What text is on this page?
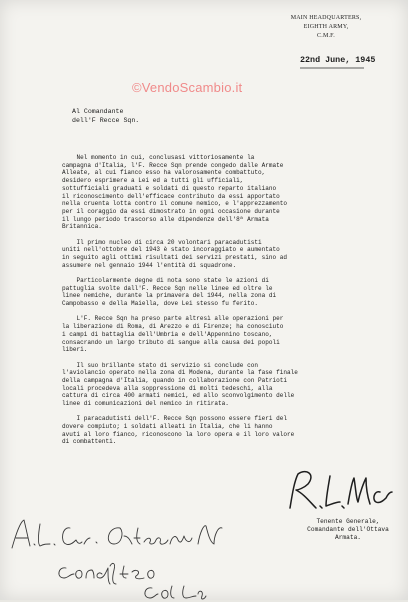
MAIN HEADQUARTERS,
EIGHTH ARMY,
C.M.F.
22nd June, 1945
©VendoScambio.it
Al Comandante
dell'F Recce Sqn.

Nel momento in cui, conclusasi vittoriosamente la
campagna d'Italia, l'F. Recce Sqn prende congedo dalle Armate
Alleate, al cui fianco esso ha valorosamente combattuto,
desidero esprimere a Lei ed a tutti gli ufficiali,
sottufficiali graduati e soldati di questo reparto italiano
il riconoscimento dell'efficace contributo da essi apportato
nella cruenta lotta contro il comune nemico, e l'apprezzamento
per il coraggio da essi dimostrato in ogni occasione durante
il lungo periodo trascorso alle dipendenze dell'8ª Armata
Britannica.

Il primo nucleo di circa 20 volontari paracadutisti
uniti nell'ottobre del 1943 è stato incoraggiato e aumentato
in seguito agli ottimi risultati dei servizi prestati, sino ad
assumere nel gennaio 1944 l'entità di squadrone.

Particolarmente degne di nota sono state le azioni di
pattuglia svolte dall'F. Recce Sqn nelle linee ed oltre le
linee nemiche, durante la primavera del 1944, nella zona di
Campobasso e della Maiella, dove Lei stesso fu ferito.

L'F. Recce Sqn ha preso parte altresì alle operazioni per
la liberazione di Roma, di Arezzo e di Firenze; ha conosciuto
i campi di battaglia dell'Umbria e dell'Appennino toscano,
consacrando un largo tributo di sangue alla causa dei popoli
liberi.

Il suo brillante stato di servizio si conclude con
l'aviolancio operato nella zona di Modena, durante la fase finale
della campagna d'Italia, quando in collaborazione con Patrioti
locali procedeva alla soppressione di molti tedeschi, alla
cattura di circa 400 armati nemici, ed allo sconvolgimento delle
linee di comunicazioni del nemico in ritirata.

I paracadutisti dell'F. Recce Sqn possono essere fieri del
dovere compiuto; i soldati alleati in Italia, che li hanno
avuti al loro fianco, riconoscono la loro opera e il loro valore
di combattenti.

Tenente Generale,
Comandante dell'Ottava Armata.
